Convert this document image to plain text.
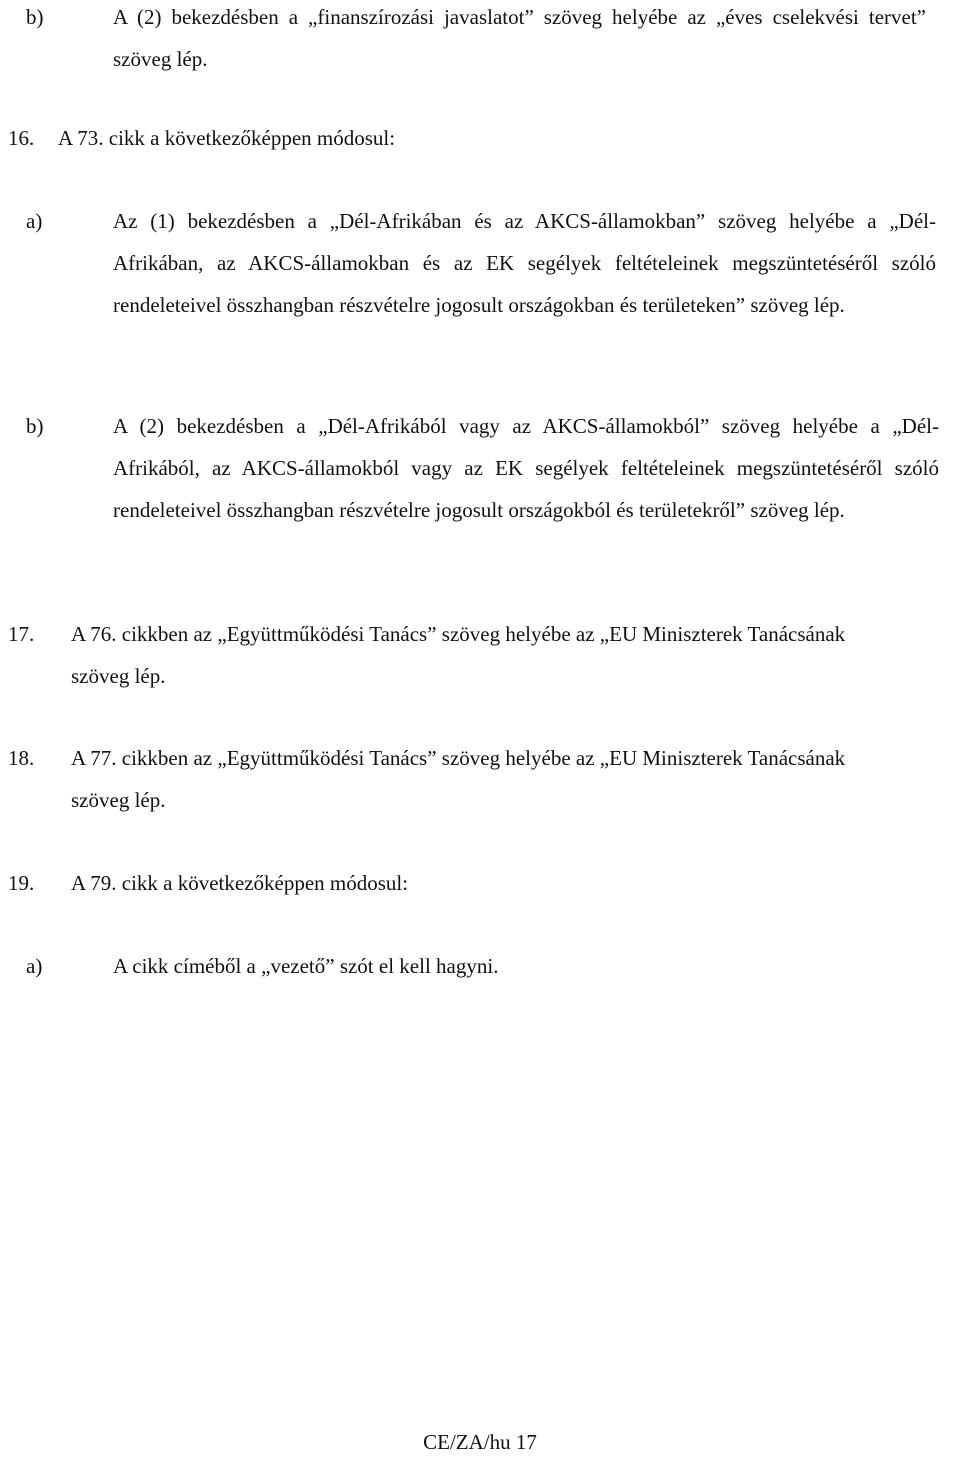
b)	A (2) bekezdésben a „finanszírozási javaslatot” szöveg helyébe az „éves cselekvési tervet” szöveg lép.
16. A 73. cikk a következőképpen módosul:
a)	Az (1) bekezdésben a „Dél-Afrikában és az AKCS-államokban” szöveg helyébe a „Dél-Afrikában, az AKCS-államokban és az EK segélyek feltételeinek megszüntetéséről szóló rendeleteivel összhangban részvételre jogosult országokban és területeken” szöveg lép.
b)	A (2) bekezdésben a „Dél-Afrikából vagy az AKCS-államokból” szöveg helyébe a „Dél-Afrikából, az AKCS-államokból vagy az EK segélyek feltételeinek megszüntetéséről szóló rendeleteivel összhangban részvételre jogosult országokból és területekről” szöveg lép.
17. A 76. cikkben az „Együttműködési Tanács” szöveg helyébe az „EU Miniszterek Tanácsának szöveg lép.
18. A 77. cikkben az „Együttműködési Tanács” szöveg helyébe az „EU Miniszterek Tanácsának szöveg lép.
19. A 79. cikk a következőképpen módosul:
a)	A cikk címéből a „vezető” szót el kell hagyni.
CE/ZA/hu 17
